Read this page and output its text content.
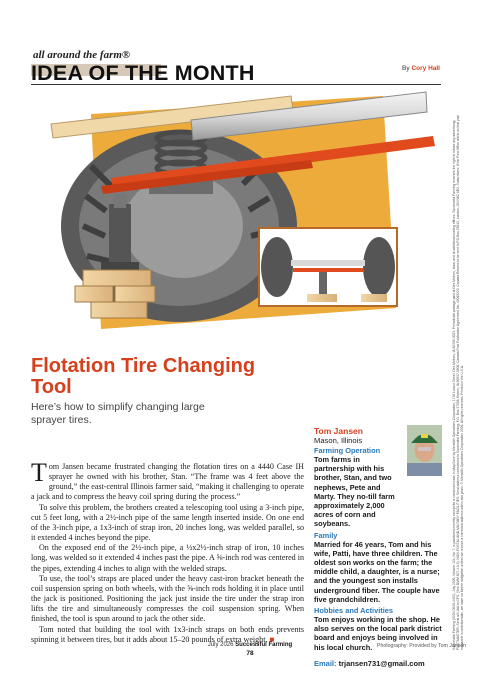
all around the farm®
IDEA OF THE MONTH	By Cory Hall
Flotation Tire Changing Tool
Here’s how to simplify changing large sprayer tires.

Tom Jansen became frustrated changing the flotation tires on a 4440 Case IH sprayer he owned with his brother, Stan. “The frame was 4 feet above the ground,” the east-central Illinois farmer said, “making it challenging to operate a jack and to compress the heavy coil spring during the process.”

To solve this problem, the brothers created a telescoping tool using a 3-inch pipe, cut 5 feet long, with a 2½-inch pipe of the same length inserted inside. On one end of the 3-inch pipe, a 1x3-inch of strap iron, 20 inches long, was welded parallel, so it extended 4 inches beyond the pipe.

On the exposed end of the 2½-inch pipe, a ½x2½-inch strap of iron, 10 inches long, was welded so it extended 4 inches past the pipe. A ⅝-inch rod was centered in the pipes, extending 4 inches to align with the welded straps.

To use, the tool’s straps are placed under the heavy cast-iron bracket beneath the coil suspension spring on both wheels, with the ⅝-inch rods holding it in place until the jack is positioned. Positioning the jack just inside the tire under the strap iron lifts the tire and simultaneously compresses the coil suspension spring. When finished, the tool is spun around to jack the other side.

Tom noted that building the tool with 1x3-inch straps on both ends prevents spinning it between tires, but it adds about 15–20 pounds of extra weight. ■

Tom Jansen

Mason, Illinois

Farming Operation

Tom farms in partnership with his brother, Stan, and two nephews, Pete and Marty. They no-till farm approximately 2,000 acres of corn and soybeans.

Family

Married for 46 years, Tom and his wife, Patti, have three children. The oldest son works on the farm; the middle child, a daughter, is a nurse; and the youngest son installs underground fiber. The couple have five grandchildren.

Hobbies and Activities

Tom enjoys working in the shop. He also serves on the local park district board and enjoys being involved in his local church.

Email: trjansen731@gmail.com

July 2026 Successful Farming
78
Photography: Provided by Tom Jansen
Successful Farming (ISSN 0039-4432), July 2026, Volume 124, No. 7, is published monthly except for a combined issue in May/June by Meredith Operations Corporation, 1716 Locust Street, Des Moines, IA 50309-3023. Periodicals postage paid at Des Moines, Iowa, and at additional mailing offices. Successful Farming reserves the right to refuse any advertising. POSTMASTER: Send all UAA to CFS. (See DMM 507.1.5.2); NON-POSTAL AND MILITARY FACILITIES: Send address corrections to Successful Farming, P.O. Box 37508, Boone, IA 50037-0508. Canada Post Publication Agreement No. 40069223. Canada Returns to be sent to PO Box 25542, London, ON N6C 6B2. Subscribers: If the Post Office alerts us that your magazine is undeliverable, we have no further obligation unless we receive a corrected address within two years. © Meredith Operations Corporation 2026. All rights reserved. Printed in the U.S.A.
